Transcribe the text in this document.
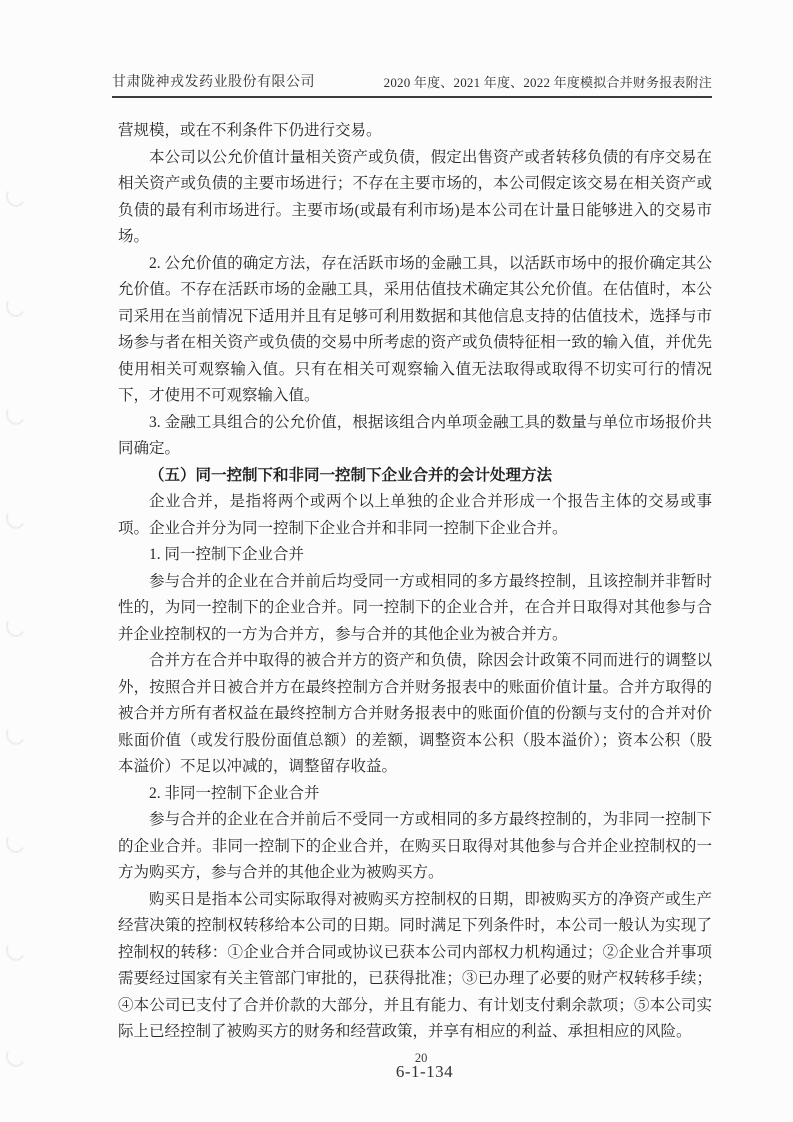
甘肃陇神戎发药业股份有限公司	2020 年度、2021 年度、2022 年度模拟合并财务报表附注

营规模，或在不利条件下仍进行交易。

本公司以公允价值计量相关资产或负债，假定出售资产或者转移负债的有序交易在相关资产或负债的主要市场进行；不存在主要市场的，本公司假定该交易在相关资产或负债的最有利市场进行。主要市场(或最有利市场)是本公司在计量日能够进入的交易市场。

2. 公允价值的确定方法，存在活跃市场的金融工具，以活跃市场中的报价确定其公允价值。不存在活跃市场的金融工具，采用估值技术确定其公允价值。在估值时，本公司采用在当前情况下适用并且有足够可利用数据和其他信息支持的估值技术，选择与市场参与者在相关资产或负债的交易中所考虑的资产或负债特征相一致的输入值，并优先使用相关可观察输入值。只有在相关可观察输入值无法取得或取得不切实可行的情况下，才使用不可观察输入值。

3. 金融工具组合的公允价值，根据该组合内单项金融工具的数量与单位市场报价共同确定。

（五）同一控制下和非同一控制下企业合并的会计处理方法

企业合并，是指将两个或两个以上单独的企业合并形成一个报告主体的交易或事项。企业合并分为同一控制下企业合并和非同一控制下企业合并。

1. 同一控制下企业合并

参与合并的企业在合并前后均受同一方或相同的多方最终控制，且该控制并非暂时性的，为同一控制下的企业合并。同一控制下的企业合并，在合并日取得对其他参与合并企业控制权的一方为合并方，参与合并的其他企业为被合并方。

合并方在合并中取得的被合并方的资产和负债，除因会计政策不同而进行的调整以外，按照合并日被合并方在最终控制方合并财务报表中的账面价值计量。合并方取得的被合并方所有者权益在最终控制方合并财务报表中的账面价值的份额与支付的合并对价账面价值（或发行股份面值总额）的差额，调整资本公积（股本溢价）；资本公积（股本溢价）不足以冲减的，调整留存收益。

2. 非同一控制下企业合并

参与合并的企业在合并前后不受同一方或相同的多方最终控制的，为非同一控制下的企业合并。非同一控制下的企业合并，在购买日取得对其他参与合并企业控制权的一方为购买方，参与合并的其他企业为被购买方。

购买日是指本公司实际取得对被购买方控制权的日期，即被购买方的净资产或生产经营决策的控制权转移给本公司的日期。同时满足下列条件时，本公司一般认为实现了控制权的转移：①企业合并合同或协议已获本公司内部权力机构通过；②企业合并事项需要经过国家有关主管部门审批的，已获得批准；③已办理了必要的财产权转移手续；④本公司已支付了合并价款的大部分，并且有能力、有计划支付剩余款项；⑤本公司实际上已经控制了被购买方的财务和经营政策，并享有相应的利益、承担相应的风险。

6-1-134
20
